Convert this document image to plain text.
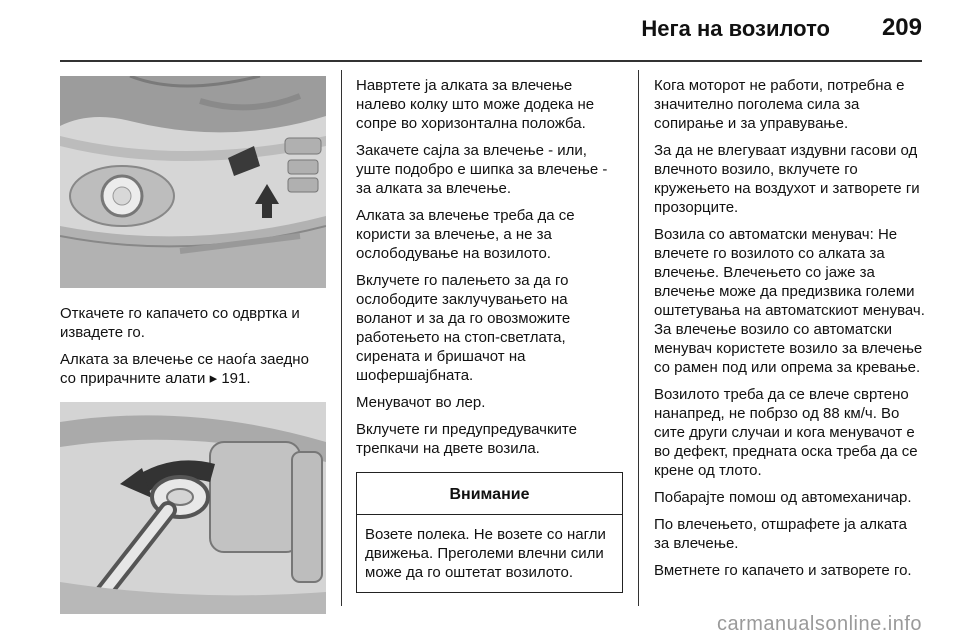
Нега на возилото 209

Откачете го капачето со одвртка и извадете го.

Алката за влечење се наоѓа заедно со прирачните алати ▸ 191.

Навртете ја алката за влечење налево колку што може додека не сопре во хоризонтална положба.

Закачете сајла за влечење - или, уште подобро е шипка за влечење - за алката за влечење.

Алката за влечење треба да се користи за влечење, а не за ослободување на возилото.

Вклучете го палењето за да го ослободите заклучувањето на воланот и за да го овозможите работењето на стоп-светлата, сирената и бришачот на шофершајбната.

Менувачот во лер.

Вклучете ги предупредувачките трепкачи на двете возила.

Внимание
Возете полека. Не возете со нагли движења. Преголеми влечни сили може да го оштетат возилото.

Кога моторот не работи, потребна е значително поголема сила за сопирање и за управување.

За да не влегуваат издувни гасови од влечното возило, вклучете го кружењето на воздухот и затворете ги прозорците.

Возила со автоматски менувач: Не влечете го возилото со алката за влечење. Влечењето со јаже за влечење може да предизвика големи оштетувања на автоматскиот менувач. За влечење возило со автоматски менувач користете возило за влечење со рамен под или опрема за кревање.

Возилото треба да се влече свртено нанапред, не побрзо од 88 км/ч. Во сите други случаи и кога менувачот е во дефект, предната оска треба да се крене од тлото.

Побарајте помош од автомеханичар.

По влечењето, отшрафете ја алката за влечење.

Вметнете го капачето и затворете го.

carmanualsonline.info
